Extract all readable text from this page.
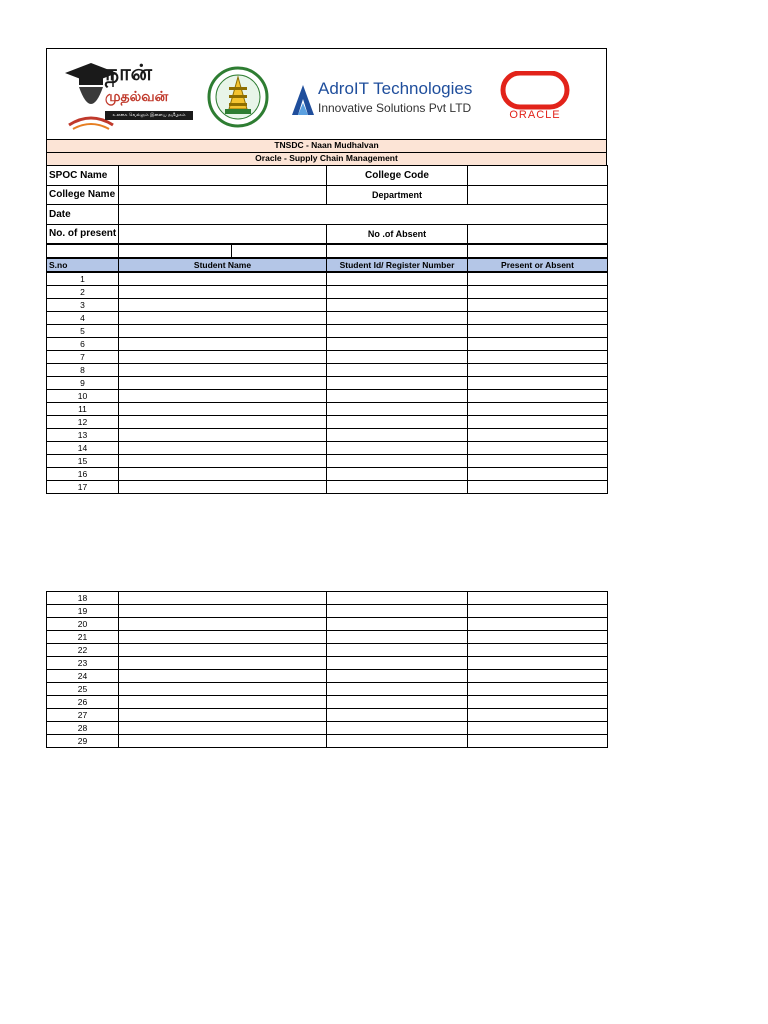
நான்
முதல்வன்
உலகை வெல்லும் இளைய தமிழகம்
AdroIT Technologies
Innovative Solutions Pvt LTD	ORACLE
TNSDC - Naan Mudhalvan
Oracle - Supply Chain Management
SPOC Name		College Code	
College Name		Department	
Date			
No. of present		No .of Absent	

S.no	Student Name	Student Id/ Register Number	Present or Absent
1			
2			
3			
4			
5			
6			
7			
8			
9			
10			
11			
12			
13			
14			
15			
16			
17			
18			
19			
20			
21			
22			
23			
24			
25			
26			
27			
28			
29			
